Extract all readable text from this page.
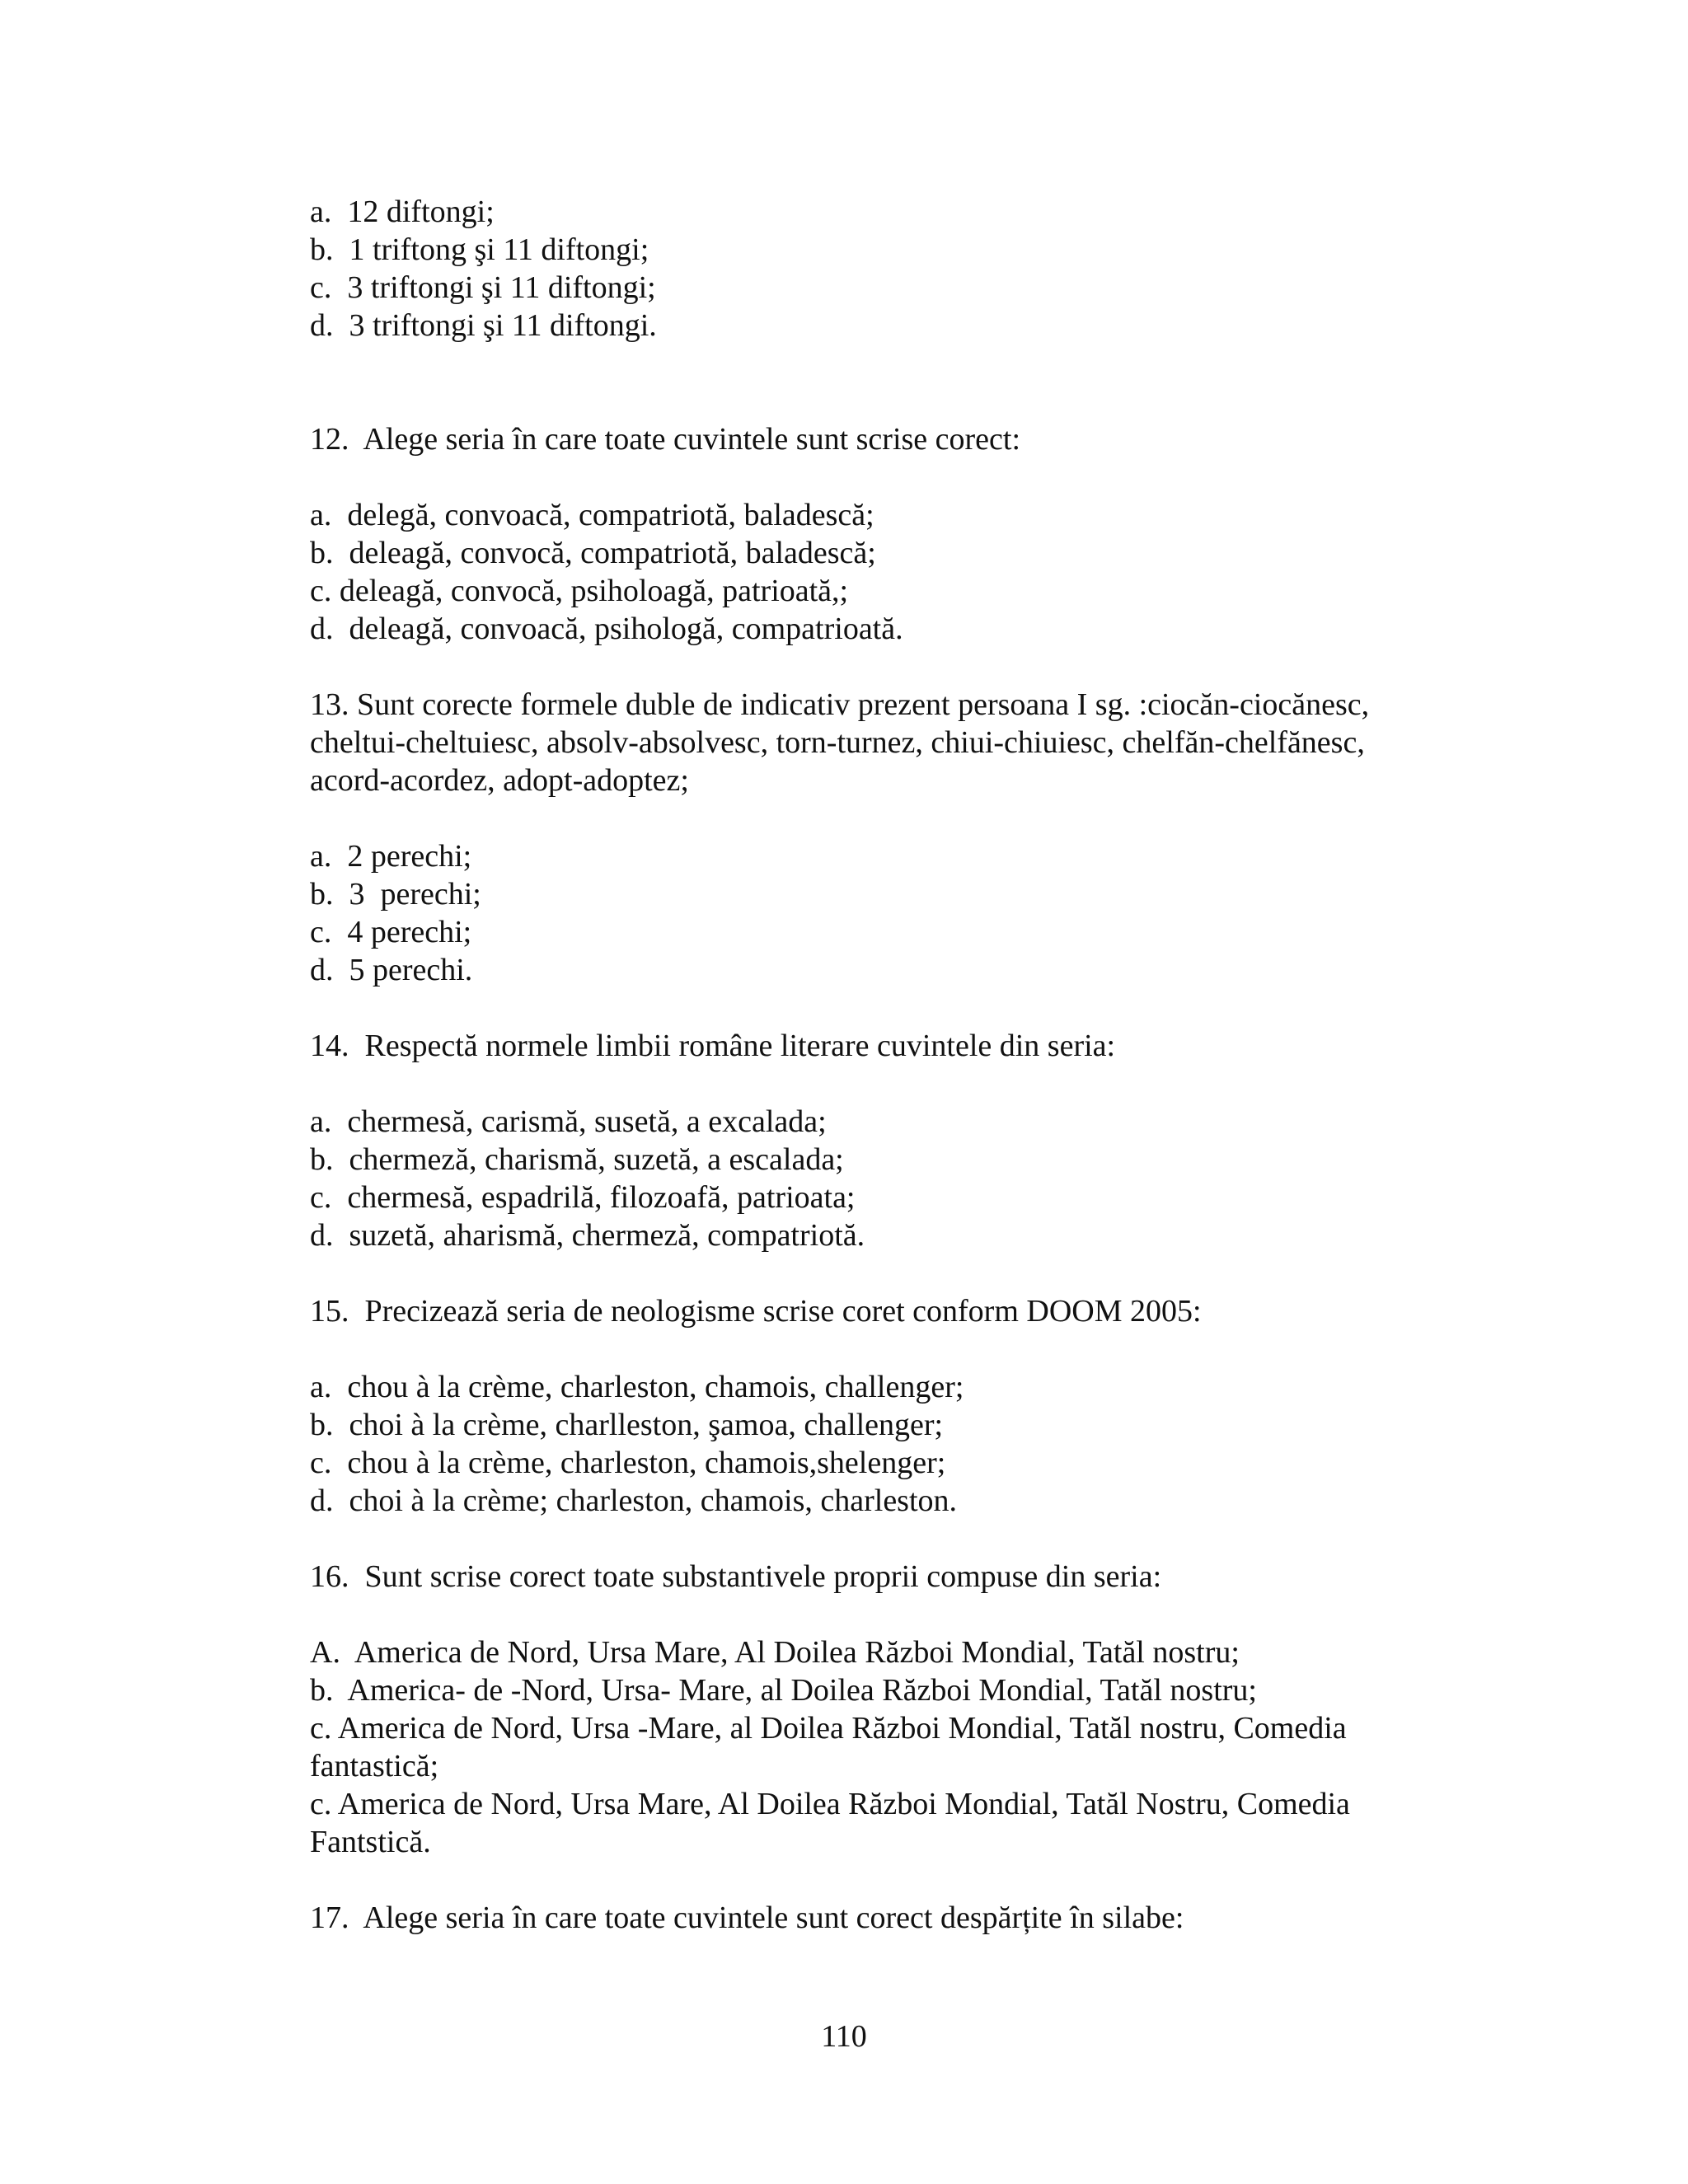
a.  12 diftongi;
b.  1 triftong şi 11 diftongi;
c.  3 triftongi şi 11 diftongi;
d.  3 triftongi şi 11 diftongi.
12.  Alege seria în care toate cuvintele sunt scrise corect:
a.  delegă, convoacă, compatriotă, baladescă;
b.  deleagă, convocă, compatriotă, baladescă;
c. deleagă, convocă, psiholoagă, patrioată,;
d.  deleagă, convoacă, psihologă, compatrioată.
13. Sunt corecte formele duble de indicativ prezent persoana I sg. :ciocăn-ciocănesc, cheltui-cheltuiesc, absolv-absolvesc, torn-turnez, chiui-chiuiesc, chelfăn-chelfănesc, acord-acordez, adopt-adoptez;
a.  2 perechi;
b.  3  perechi;
c.  4 perechi;
d.  5 perechi.
14.  Respectă normele limbii române literare cuvintele din seria:
a.  chermesă, carismă, susetă, a excalada;
b.  chermeză, charismă, suzetă, a escalada;
c.  chermesă, espadrilă, filozoafă, patrioata;
d.  suzetă, aharismă, chermeză, compatriotă.
15.  Precizează seria de neologisme scrise coret conform DOOM 2005:
a.  chou à la crème, charleston, chamois, challenger;
b.  choi à la crème, charlleston, şamoa, challenger;
c.  chou à la crème, charleston, chamois,shelenger;
d.  choi à la crème; charleston, chamois, charleston.
16.  Sunt scrise corect toate substantivele proprii compuse din seria:
A.  America de Nord, Ursa Mare, Al Doilea Război Mondial, Tatăl nostru;
b.  America- de -Nord, Ursa- Mare, al Doilea Război Mondial, Tatăl nostru;
c. America de Nord, Ursa -Mare, al Doilea Război Mondial, Tatăl nostru, Comedia fantastică;
c. America de Nord, Ursa Mare, Al Doilea Război Mondial, Tatăl Nostru, Comedia Fantstică.
17.  Alege seria în care toate cuvintele sunt corect despărțite în silabe:
110
